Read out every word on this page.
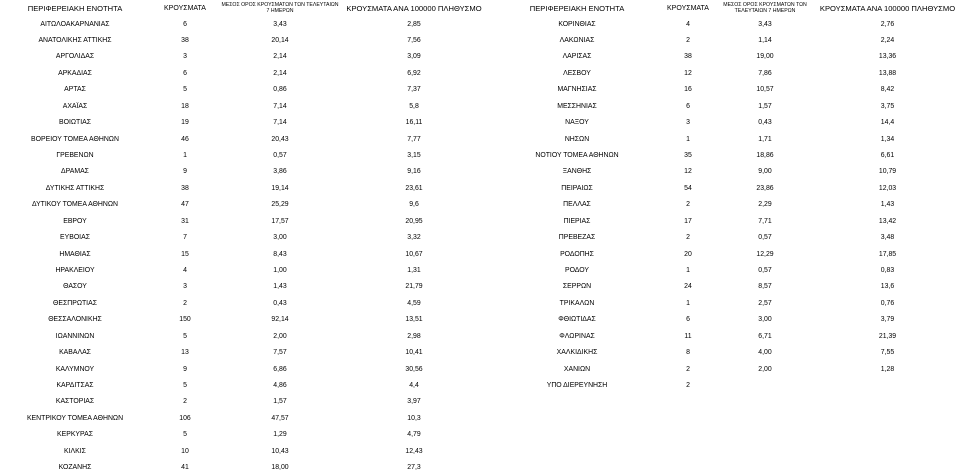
ΠΕΡΙΦΕΡΕΙΑΚΗ ΕΝΟΤΗΤΑ	ΚΡΟΥΣΜΑΤΑ
ΜΕΣΟΣ ΟΡΟΣ ΚΡΟΥΣΜΑΤΩΝ ΤΩΝ ΤΕΛΕΥΤΑΙΩΝ 7 ΗΜΕΡΩΝ	ΚΡΟΥΣΜΑΤΑ ΑΝΑ 100000 ΠΛΗΘΥΣΜΟ
ΑΙΤΩΛΟΑΚΑΡΝΑΝΙΑΣ	6	3,43	2,85
ΑΝΑΤΟΛΙΚΗΣ ΑΤΤΙΚΗΣ	38	20,14	7,56
ΑΡΓΟΛΙΔΑΣ	3	2,14	3,09
ΑΡΚΑΔΙΑΣ	6	2,14	6,92
ΑΡΤΑΣ	5	0,86	7,37
ΑΧΑΪΑΣ	18	7,14	5,8
ΒΟΙΩΤΙΑΣ	19	7,14	16,11
ΒΟΡΕΙΟΥ ΤΟΜΕΑ ΑΘΗΝΩΝ	46	20,43	7,77
ΓΡΕΒΕΝΩΝ	1	0,57	3,15
ΔΡΑΜΑΣ	9	3,86	9,16
ΔΥΤΙΚΗΣ ΑΤΤΙΚΗΣ	38	19,14	23,61
ΔΥΤΙΚΟΥ ΤΟΜΕΑ ΑΘΗΝΩΝ	47	25,29	9,6
ΕΒΡΟΥ	31	17,57	20,95
ΕΥΒΟΙΑΣ	7	3,00	3,32
ΗΜΑΘΙΑΣ	15	8,43	10,67
ΗΡΑΚΛΕΙΟΥ	4	1,00	1,31
ΘΑΣΟΥ	3	1,43	21,79
ΘΕΣΠΡΩΤΙΑΣ	2	0,43	4,59
ΘΕΣΣΑΛΟΝΙΚΗΣ	150	92,14	13,51
ΙΩΑΝΝΙΝΩΝ	5	2,00	2,98
ΚΑΒΑΛΑΣ	13	7,57	10,41
ΚΑΛΥΜΝΟΥ	9	6,86	30,56
ΚΑΡΔΙΤΣΑΣ	5	4,86	4,4
ΚΑΣΤΟΡΙΑΣ	2	1,57	3,97
ΚΕΝΤΡΙΚΟΥ ΤΟΜΕΑ ΑΘΗΝΩΝ	106	47,57	10,3
ΚΕΡΚΥΡΑΣ	5	1,29	4,79
ΚΙΛΚΙΣ	10	10,43	12,43
ΚΟΖΑΝΗΣ	41	18,00	27,3
ΠΕΡΙΦΕΡΕΙΑΚΗ ΕΝΟΤΗΤΑ	ΚΡΟΥΣΜΑΤΑ
ΜΕΣΟΣ ΟΡΟΣ ΚΡΟΥΣΜΑΤΩΝ ΤΩΝ ΤΕΛΕΥΤΑΙΩΝ 7 ΗΜΕΡΩΝ	ΚΡΟΥΣΜΑΤΑ ΑΝΑ 100000 ΠΛΗΘΥΣΜΟ
ΚΟΡΙΝΘΙΑΣ	4	3,43	2,76
ΛΑΚΩΝΙΑΣ	2	1,14	2,24
ΛΑΡΙΣΑΣ	38	19,00	13,36
ΛΕΣΒΟΥ	12	7,86	13,88
ΜΑΓΝΗΣΙΑΣ	16	10,57	8,42
ΜΕΣΣΗΝΙΑΣ	6	1,57	3,75
ΝΑΞΟΥ	3	0,43	14,4
ΝΗΣΩΝ	1	1,71	1,34
ΝΟΤΙΟΥ ΤΟΜΕΑ ΑΘΗΝΩΝ	35	18,86	6,61
ΞΑΝΘΗΣ	12	9,00	10,79
ΠΕΙΡΑΙΩΣ	54	23,86	12,03
ΠΕΛΛΑΣ	2	2,29	1,43
ΠΙΕΡΙΑΣ	17	7,71	13,42
ΠΡΕΒΕΖΑΣ	2	0,57	3,48
ΡΟΔΟΠΗΣ	20	12,29	17,85
ΡΟΔΟΥ	1	0,57	0,83
ΣΕΡΡΩΝ	24	8,57	13,6
ΤΡΙΚΑΛΩΝ	1	2,57	0,76
ΦΘΙΩΤΙΔΑΣ	6	3,00	3,79
ΦΛΩΡΙΝΑΣ	11	6,71	21,39
ΧΑΛΚΙΔΙΚΗΣ	8	4,00	7,55
ΧΑΝΙΩΝ	2	2,00	1,28
ΥΠΟ ΔΙΕΡΕΥΝΗΣΗ	2
